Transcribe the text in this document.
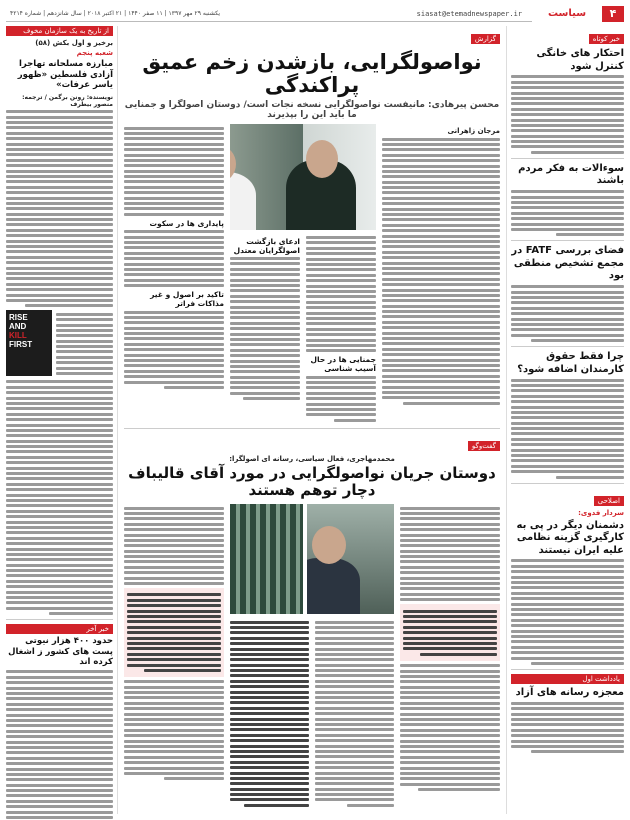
۴
سیاست
siasat@etemadnewspaper.ir
یکشنبه ۲۹ مهر ۱۳۹۷ | ۱۱ صفر ۱۴۴۰ | ۲۱ اکتبر ۲۰۱۸ | سال شانزدهم | شماره ۴۲۱۴
خبر کوتاه
احتکار های خانگی کنترل شود
سوءالات به فکر مردم باشند
فضای بررسی FATF در مجمع تشخیص منطقی بود
چرا فقط حقوق کارمندان اضافه شود؟
اصلاحی
سردار فدوی:
دشمنان دیگر در پی به کارگیری گزینه نظامی علیه ایران نیستند
یادداشت اول
معجزه رسانه های آزاد
گزارش
نواصولگرایی، بازشدن زخم عمیق پراکندگی
محسن پیرهادی: مانیفست نواصولگرایی نسخه نجات است/ دوستان اصولگرا و جمنایی ما باید این را بپذیرند
مرجان زاهرانی
جمنایی ها در حال آسیب شناسی
ادعای بازگشت اصولگرایان معتدل
پایداری ها در سکوت
تاکید بر اصول و غیر مذاکات فراتر
گفت‌وگو
محمدمهاجری، فعال سیاسی، رسانه ای اصولگرا:
دوستان جریان نواصولگرایی در مورد آقای قالیباف دچار توهم هستند
از تاریخ به یک سازمان مخوف
برخیز و اول بکش (۵۸)
شعبه پنجم
مبارزه مسلحانه تهاجرا آزادی فلسطین «ظهور یاسر عرفات»
نویسنده: رونن برگمن / ترجمه: منصور بیطرف
RISE
AND
KILL
FIRST
خبر آخر
حدود ۴۰۰ هزار نیوتی پست های کشور ز اشغال کرده اند
